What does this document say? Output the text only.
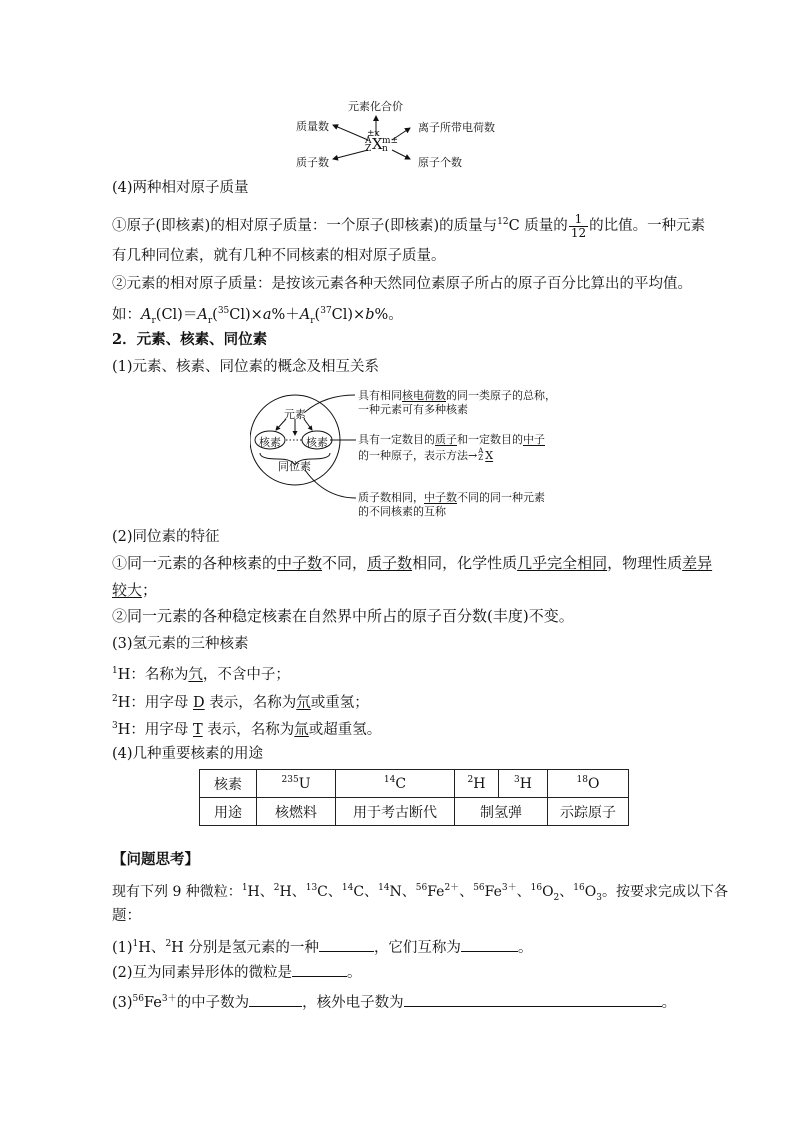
元素化合价
质量数
质子数
离子所带电荷数
原子个数
±x
A
Z X m±
n
(4)两种相对原子质量
①原子(即核素)的相对原子质量：一个原子(即核素)的质量与$^{12}$C 质量的 $\frac{1}{12}$ 的比值。一种元素
有几种同位素，就有几种不同核素的相对原子质量。
②元素的相对原子质量：是按该元素各种天然同位素原子所占的原子百分比算出的平均值。
如：$A_r(Cl)=A_r(^{35}Cl)\times a\%+A_r(^{37}Cl)\times b\%$。
2．元素、核素、同位素
(1)元素、核素、同位素的概念及相互关系
元素
核素 核素
同位素
具有相同核电荷数的同一类原子的总称，
一种元素可有多种核素
具有一定数目的质子和一定数目的中子
的一种原子，表示方法→ A
Z X
质子数相同，中子数不同的同一种元素
的不同核素的互称
(2)同位素的特征
①同一元素的各种核素的中子数不同，质子数相同，化学性质几乎完全相同，物理性质差异
较大；
②同一元素的各种稳定核素在自然界中所占的原子百分数(丰度)不变。
(3)氢元素的三种核素
$^1$H：名称为氕，不含中子；
$^2$H：用字母 D 表示，名称为氘或重氢；
$^3$H：用字母 T 表示，名称为氚或超重氢。
(4)几种重要核素的用途
核素	$^{235}$U	$^{14}$C	$^2$H	$^3$H	$^{18}$O
用途	核燃料	用于考古断代	制氢弹		示踪原子
【问题思考】
现有下列 9 种微粒：$^1$H、$^2$H、$^{13}$C、$^{14}$C、$^{14}$N、$^{56}Fe^{2+}$、$^{56}Fe^{3+}$、$^{16}O_2$、$^{16}O_3$。按要求完成以下各
题：
$(1)^1H$、$^2$H 分别是氢元素的一种	，它们互称为	。
(2)互为同素异形体的微粒是	。
$(3)^{56}Fe^{3+}$的中子数为	，核外电子数为	。
